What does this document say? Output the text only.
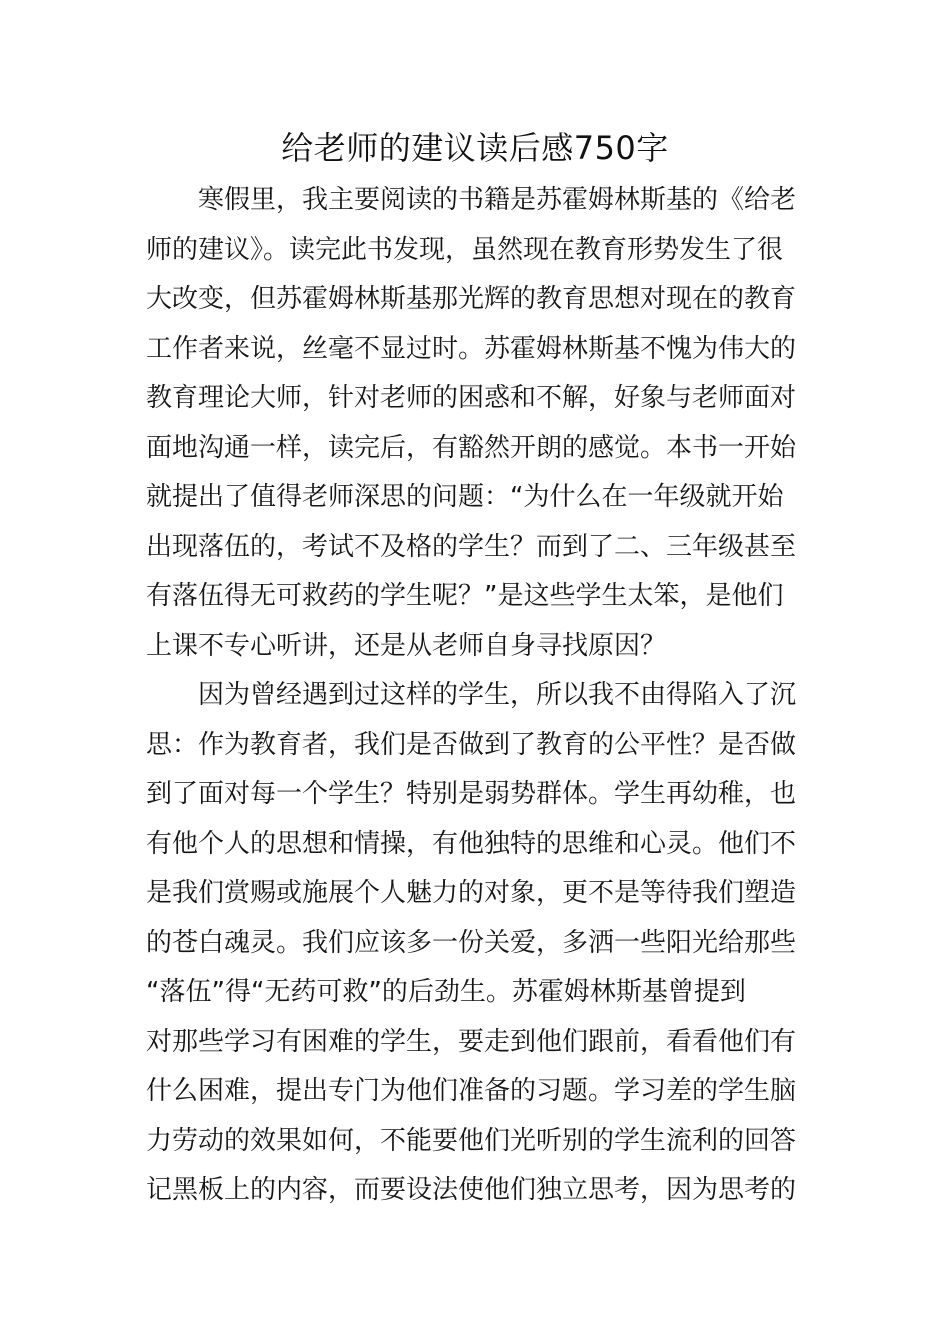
给老师的建议读后感750字

寒假里，我主要阅读的书籍是苏霍姆林斯基的《给老
师的建议》。读完此书发现，虽然现在教育形势发生了很
大改变，但苏霍姆林斯基那光辉的教育思想对现在的教育
工作者来说，丝毫不显过时。苏霍姆林斯基不愧为伟大的
教育理论大师，针对老师的困惑和不解，好象与老师面对
面地沟通一样，读完后，有豁然开朗的感觉。本书一开始
就提出了值得老师深思的问题：“为什么在一年级就开始
出现落伍的，考试不及格的学生？而到了二、三年级甚至
有落伍得无可救药的学生呢？”是这些学生太笨，是他们
上课不专心听讲，还是从老师自身寻找原因？

因为曾经遇到过这样的学生，所以我不由得陷入了沉
思：作为教育者，我们是否做到了教育的公平性？是否做
到了面对每一个学生？特别是弱势群体。学生再幼稚，也
有他个人的思想和情操，有他独特的思维和心灵。他们不
是我们赏赐或施展个人魅力的对象，更不是等待我们塑造
的苍白魂灵。我们应该多一份关爱，多洒一些阳光给那些
“落伍”得“无药可救”的后劲生。苏霍姆林斯基曾提到
对那些学习有困难的学生，要走到他们跟前，看看他们有
什么困难，提出专门为他们准备的习题。学习差的学生脑
力劳动的效果如何，不能要他们光听别的学生流利的回答
记黑板上的内容，而要设法使他们独立思考，因为思考的
